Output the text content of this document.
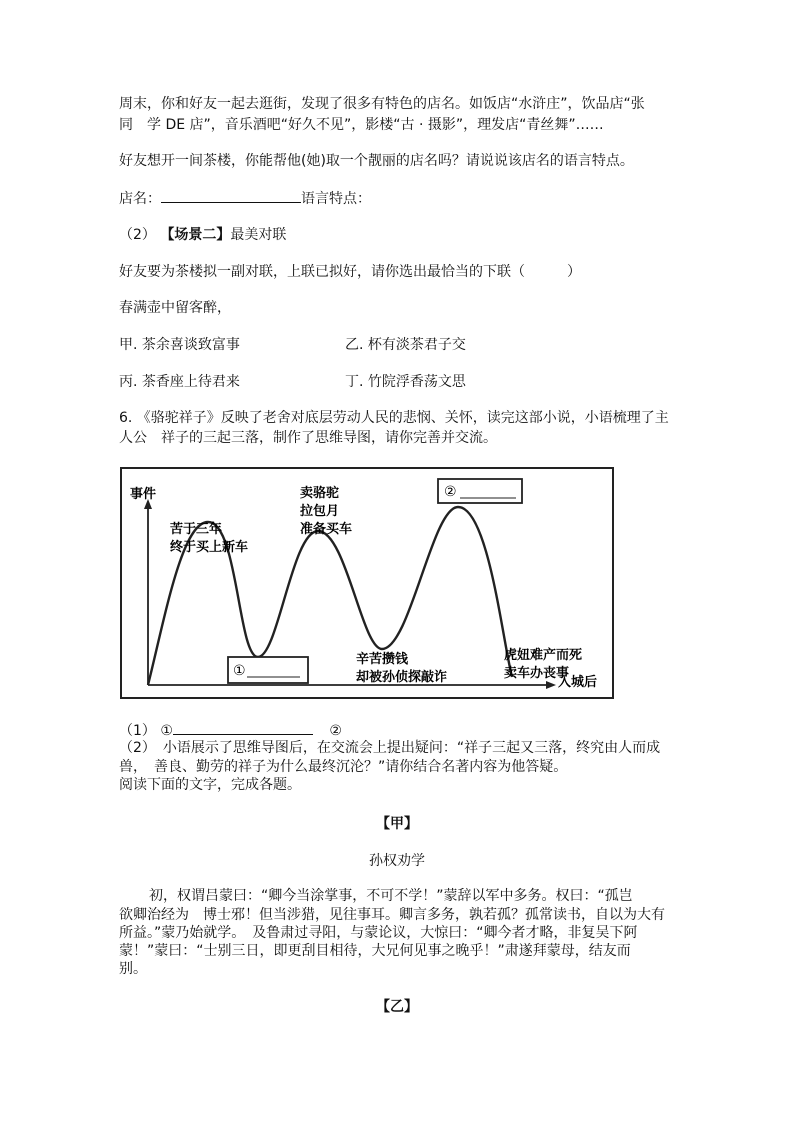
周末，你和好友一起去逛街，发现了很多有特色的店名。如饭店“水浒庄”，饮品店“张
同　学 DE 店”，音乐酒吧“好久不见”，影楼“古 · 摄影”，理发店“青丝舞”……
好友想开一间茶楼，你能帮他(她)取一个靓丽的店名吗？请说说该店名的语言特点。
店名：	语言特点：
（2） 【场景二】最美对联
好友要为茶楼拟一副对联，上联已拟好，请你选出最恰当的下联（　　　）
春满壶中留客醉，
甲. 茶余喜谈致富事	乙. 杯有淡茶君子交
丙. 茶香座上待君来	丁. 竹院浮香荡文思
6. 《骆驼祥子》反映了老舍对底层劳动人民的悲悯、关怀，读完这部小说，小语梳理了主
人公　祥子的三起三落，制作了思维导图，请你完善并交流。
事件
入城后
苦于三年
终于买上新车
卖骆驼
拉包月
准备买车
辛苦攒钱
却被孙侦探敲诈
虎妞难产而死
卖车办丧事
①
②
（1） ①	②
（2）　小语展示了思维导图后，在交流会上提出疑问：“祥子三起又三落，终究由人而成
兽，　善良、勤劳的祥子为什么最终沉沦？”请你结合名著内容为他答疑。
阅读下面的文字，完成各题。
【甲】
孙权劝学
初，权谓吕蒙曰：“卿今当涂掌事，不可不学！”蒙辞以军中多务。权曰：“孤岂
欲卿治经为　博士邪！但当涉猎，见往事耳。卿言多务，孰若孤？孤常读书，自以为大有
所益。”蒙乃始就学。　及鲁肃过寻阳，与蒙论议，大惊曰：“卿今者才略，非复吴下阿
蒙！”蒙曰：“士别三日，即更刮目相待，大兄何见事之晚乎！”肃遂拜蒙母，结友而
别。
【乙】
